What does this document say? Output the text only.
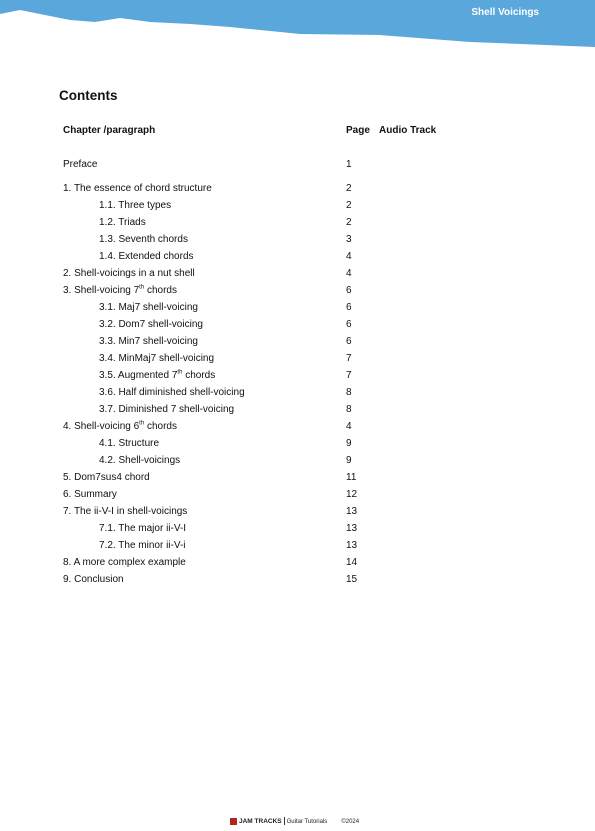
Shell Voicings
Contents
Chapter /paragraph	Page Audio Track
Preface	1
1. The essence of chord structure	2
1.1. Three types	2
1.2. Triads	2
1.3. Seventh chords	3
1.4. Extended chords	4
2. Shell-voicings in a nut shell	4
3. Shell-voicing 7th chords	6
3.1. Maj7 shell-voicing	6
3.2. Dom7 shell-voicing	6
3.3. Min7 shell-voicing	6
3.4. MinMaj7 shell-voicing	7
3.5. Augmented 7th chords	7
3.6. Half diminished shell-voicing	8
3.7. Diminished 7 shell-voicing	8
4. Shell-voicing 6th chords	4
4.1. Structure	9
4.2. Shell-voicings	9
5. Dom7sus4 chord	11
6. Summary	12
7. The ii-V-I in shell-voicings	13
7.1. The major ii-V-I	13
7.2. The minor ii-V-i	13
8. A more complex example	14
9. Conclusion	15
JAM TRACKS Guitar Tutorials ©2024
